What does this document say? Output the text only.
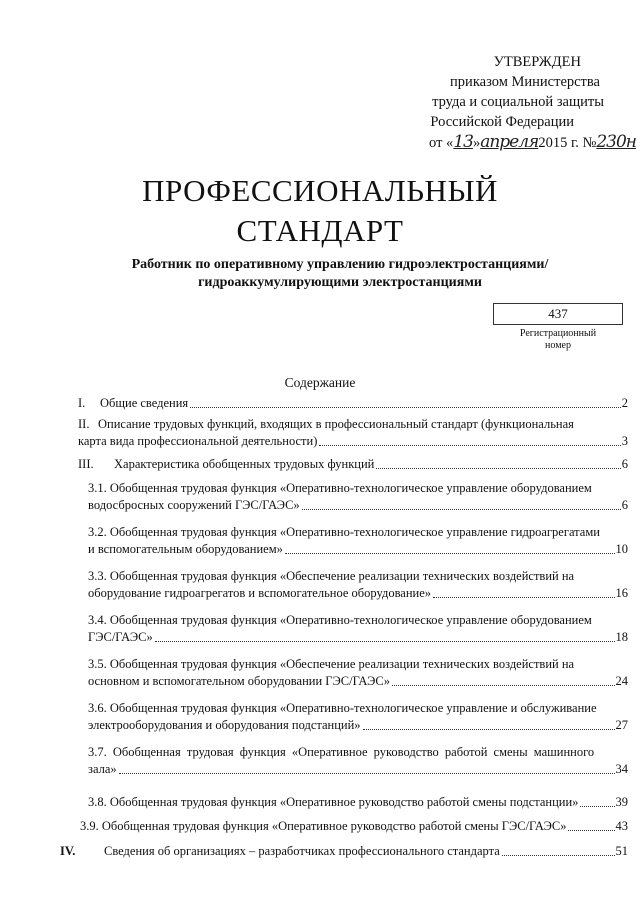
УТВЕРЖДЕН
приказом Министерства
труда и социальной защиты
Российской Федерации
от «13»апреля2015 г. №230н
ПРОФЕССИОНАЛЬНЫЙ
СТАНДАРТ
Работник по оперативному управлению гидроэлектростанциями/
гидроаккумулирующими электростанциями
437
Регистрационный
номер
Содержание
I.	Общие сведения	2
II. Описание трудовых функций, входящих в профессиональный стандарт (функциональная
карта вида профессиональной деятельности)	3
III.	Характеристика обобщенных трудовых функций	6
3.1. Обобщенная трудовая функция «Оперативно-технологическое управление оборудованием
водосбросных сооружений ГЭС/ГАЭС»	6
3.2. Обобщенная трудовая функция «Оперативно-технологическое управление гидроагрегатами
и вспомогательным оборудованием»	10
3.3. Обобщенная трудовая функция «Обеспечение реализации технических воздействий на
оборудование гидроагрегатов и вспомогательное оборудование»	16
3.4. Обобщенная трудовая функция «Оперативно-технологическое управление оборудованием
ГЭС/ГАЭС»	18
3.5. Обобщенная трудовая функция «Обеспечение реализации технических воздействий на
основном и вспомогательном оборудовании ГЭС/ГАЭС»	24
3.6. Обобщенная трудовая функция «Оперативно-технологическое управление и обслуживание
электрооборудования и оборудования подстанций»	27
3.7. Обобщенная трудовая функция «Оперативное руководство работой смены машинного
зала»	34
3.8. Обобщенная трудовая функция «Оперативное руководство работой смены подстанции»	39
3.9. Обобщенная трудовая функция «Оперативное руководство работой смены ГЭС/ГАЭС»	43
IV.	Сведения об организациях – разработчиках профессионального стандарта	51
